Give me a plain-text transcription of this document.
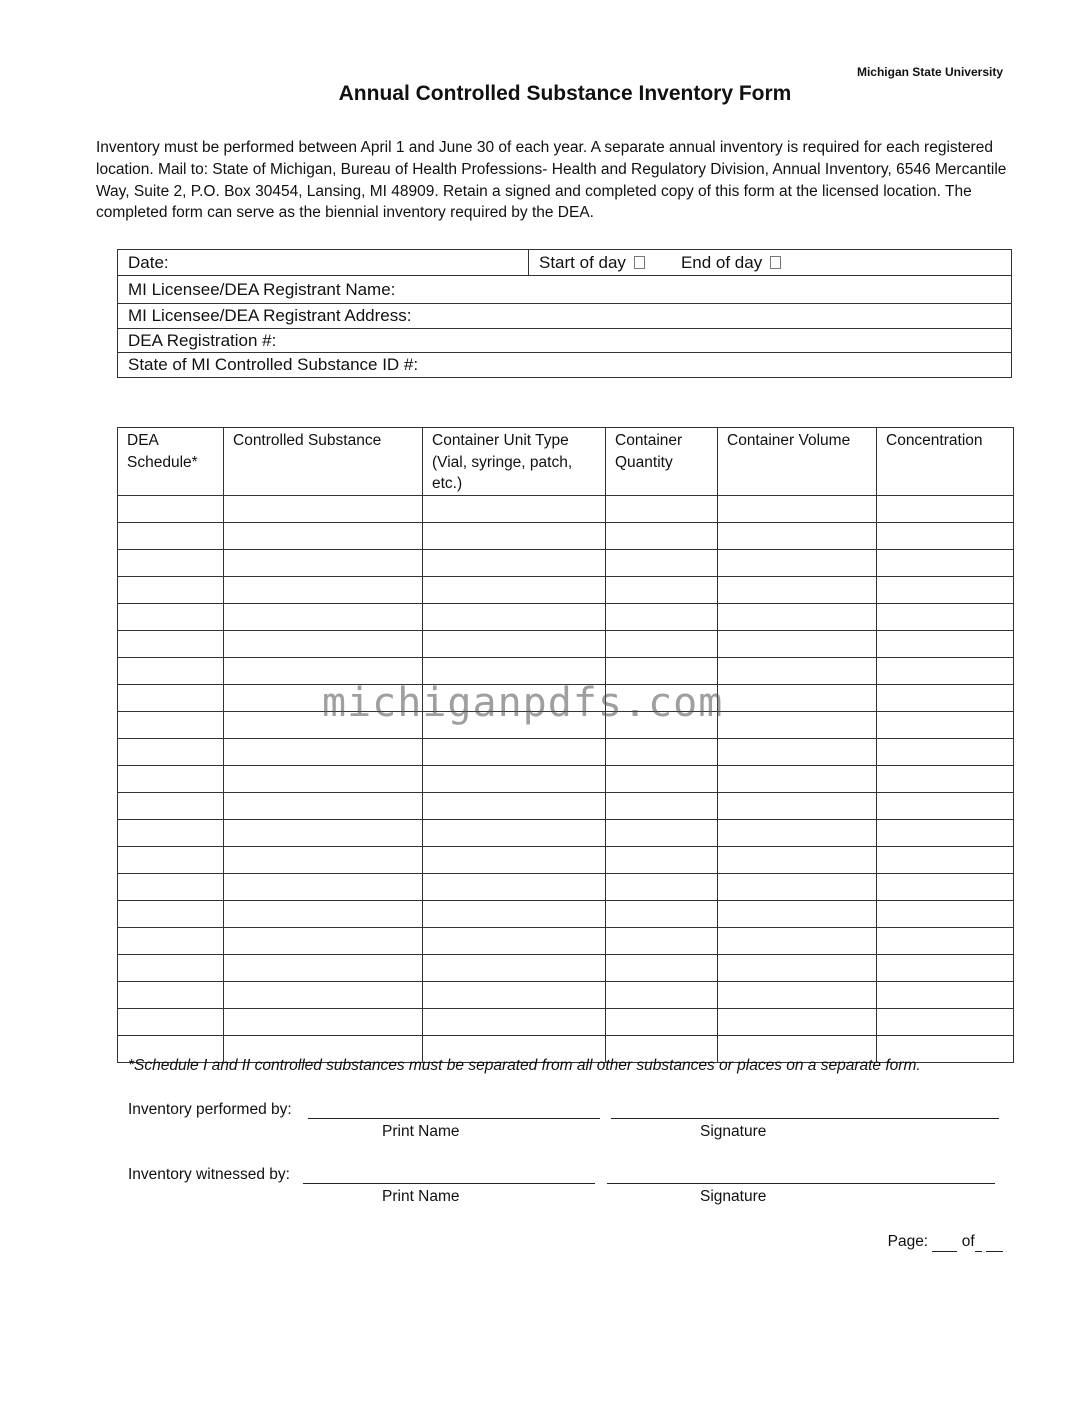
Michigan State University
Annual Controlled Substance Inventory Form
Inventory must be performed between April 1 and June 30 of each year. A separate annual inventory is required for each registered location. Mail to: State of Michigan, Bureau of Health Professions- Health and Regulatory Division, Annual Inventory, 6546 Mercantile Way, Suite 2, P.O. Box 30454, Lansing, MI 48909. Retain a signed and completed copy of this form at the licensed location. The completed form can serve as the biennial inventory required by the DEA.
Date:	Start of day	End of day
MI Licensee/DEA Registrant Name:
MI Licensee/DEA Registrant Address:
DEA Registration #:
State of MI Controlled Substance ID #:
DEA Schedule*	Controlled Substance	Container Unit Type (Vial, syringe, patch, etc.)	Container Quantity	Container Volume	Concentration

michiganpdfs.com
*Schedule I and II controlled substances must be separated from all other substances or places on a separate form.
Inventory performed by:
Print Name	Signature
Inventory witnessed by:
Print Name	Signature
Page: of
